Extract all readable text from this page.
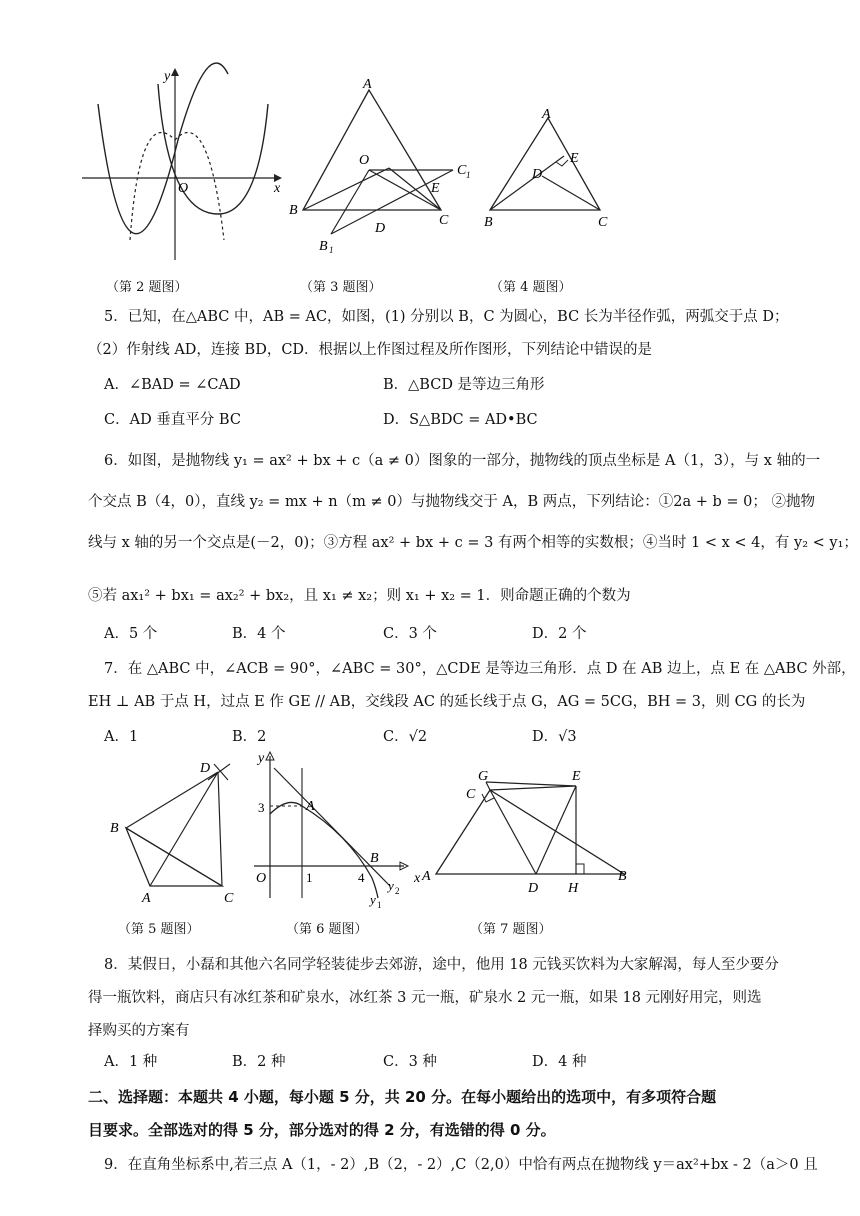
y
x
O
（第 2 题图）
A
O
C 1
C
E
B
D
B 1
（第 3 题图）
A
E
D
B	C
（第 4 题图）
5．已知，在△ABC 中，AB = AC，如图，(1) 分别以 B，C 为圆心，BC 长为半径作弧，两弧交于点 D；
（2）作射线 AD，连接 BD，CD．根据以上作图过程及所作图形，下列结论中错误的是
A．∠BAD = ∠CAD	B．△BCD 是等边三角形
C．AD 垂直平分 BC	D．S△BDC = AD•BC
6．如图，是抛物线 y₁ = ax² + bx + c（a ≠ 0）图象的一部分，抛物线的顶点坐标是 A（1，3），与 x 轴的一
个交点 B（4，0），直线 y₂ = mx + n（m ≠ 0）与抛物线交于 A，B 两点，下列结论：①2a + b = 0； ②抛物
线与 x 轴的另一个交点是(－2，0)；③方程 ax² + bx + c = 3 有两个相等的实数根；④当时 1 < x < 4，有 y₂ < y₁；
⑤若 ax₁² + bx₁ = ax₂² + bx₂，且 x₁ ≠ x₂；则 x₁ + x₂ = 1．则命题正确的个数为
A．5 个	B．4 个	C．3 个	D．2 个
7．在 △ABC 中，∠ACB = 90°，∠ABC = 30°，△CDE 是等边三角形．点 D 在 AB 边上，点 E 在 △ABC 外部，
EH ⊥ AB 于点 H，过点 E 作 GE // AB，交线段 AC 的延长线于点 G，AG = 5CG，BH = 3，则 CG 的长为
A．1	B．2	C．√2	D．√3
D
B
A	C
（第 5 题图）
y
3	A
B
O	1	4	x
y 2
y 1
（第 6 题图）
G	E
C
A
D H
B
（第 7 题图）
8．某假日，小磊和其他六名同学轻装徒步去郊游，途中，他用 18 元钱买饮料为大家解渴，每人至少要分
得一瓶饮料，商店只有冰红茶和矿泉水，冰红茶 3 元一瓶，矿泉水 2 元一瓶，如果 18 元刚好用完，则选
择购买的方案有
A．1 种	B．2 种	C．3 种	D．4 种
二、选择题：本题共 4 小题，每小题 5 分，共 20 分。在每小题给出的选项中，有多项符合题
目要求。全部选对的得 5 分，部分选对的得 2 分，有选错的得 0 分。
9．在直角坐标系中,若三点 A（1，- 2）,B（2，- 2）,C（2,0）中恰有两点在抛物线 y＝ax²+bx - 2（a＞0 且
